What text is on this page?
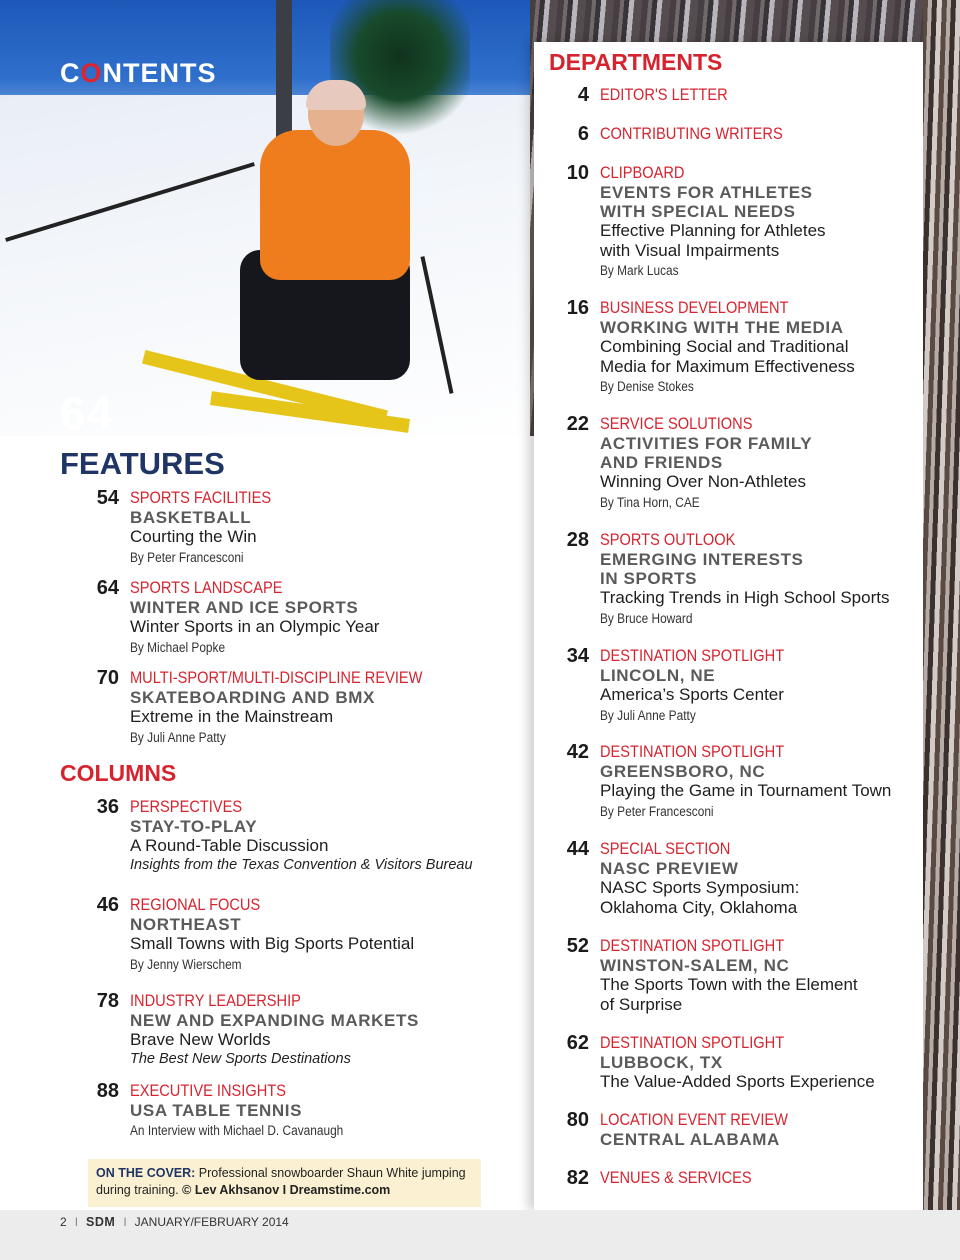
CONTENTS
64
FEATURES
54 SPORTS FACILITIES
BASKETBALL
Courting the Win
By Peter Francesconi
64 SPORTS LANDSCAPE
WINTER AND ICE SPORTS
Winter Sports in an Olympic Year
By Michael Popke
70 MULTI-SPORT/MULTI-DISCIPLINE REVIEW
SKATEBOARDING AND BMX
Extreme in the Mainstream
By Juli Anne Patty
COLUMNS
36 PERSPECTIVES
STAY-TO-PLAY
A Round-Table Discussion
Insights from the Texas Convention & Visitors Bureau
46 REGIONAL FOCUS
NORTHEAST
Small Towns with Big Sports Potential
By Jenny Wierschem
78 INDUSTRY LEADERSHIP
NEW AND EXPANDING MARKETS
Brave New Worlds
The Best New Sports Destinations
88 EXECUTIVE INSIGHTS
USA TABLE TENNIS
An Interview with Michael D. Cavanaugh
DEPARTMENTS
4 EDITOR'S LETTER
6 CONTRIBUTING WRITERS
10 CLIPBOARD
EVENTS FOR ATHLETES
WITH SPECIAL NEEDS
Effective Planning for Athletes
with Visual Impairments
By Mark Lucas
16 BUSINESS DEVELOPMENT
WORKING WITH THE MEDIA
Combining Social and Traditional
Media for Maximum Effectiveness
By Denise Stokes
22 SERVICE SOLUTIONS
ACTIVITIES FOR FAMILY
AND FRIENDS
Winning Over Non-Athletes
By Tina Horn, CAE
28 SPORTS OUTLOOK
EMERGING INTERESTS
IN SPORTS
Tracking Trends in High School Sports
By Bruce Howard
34 DESTINATION SPOTLIGHT
LINCOLN, NE
America’s Sports Center
By Juli Anne Patty
42 DESTINATION SPOTLIGHT
GREENSBORO, NC
Playing the Game in Tournament Town
By Peter Francesconi
44 SPECIAL SECTION
NASC PREVIEW
NASC Sports Symposium:
Oklahoma City, Oklahoma
52 DESTINATION SPOTLIGHT
WINSTON-SALEM, NC
The Sports Town with the Element
of Surprise
62 DESTINATION SPOTLIGHT
LUBBOCK, TX
The Value-Added Sports Experience
80 LOCATION EVENT REVIEW
CENTRAL ALABAMA
82 VENUES & SERVICES
ON THE COVER: Professional snowboarder Shaun White jumping during training. © Lev Akhsanov I Dreamstime.com
2 I SDM I JANUARY/FEBRUARY 2014
